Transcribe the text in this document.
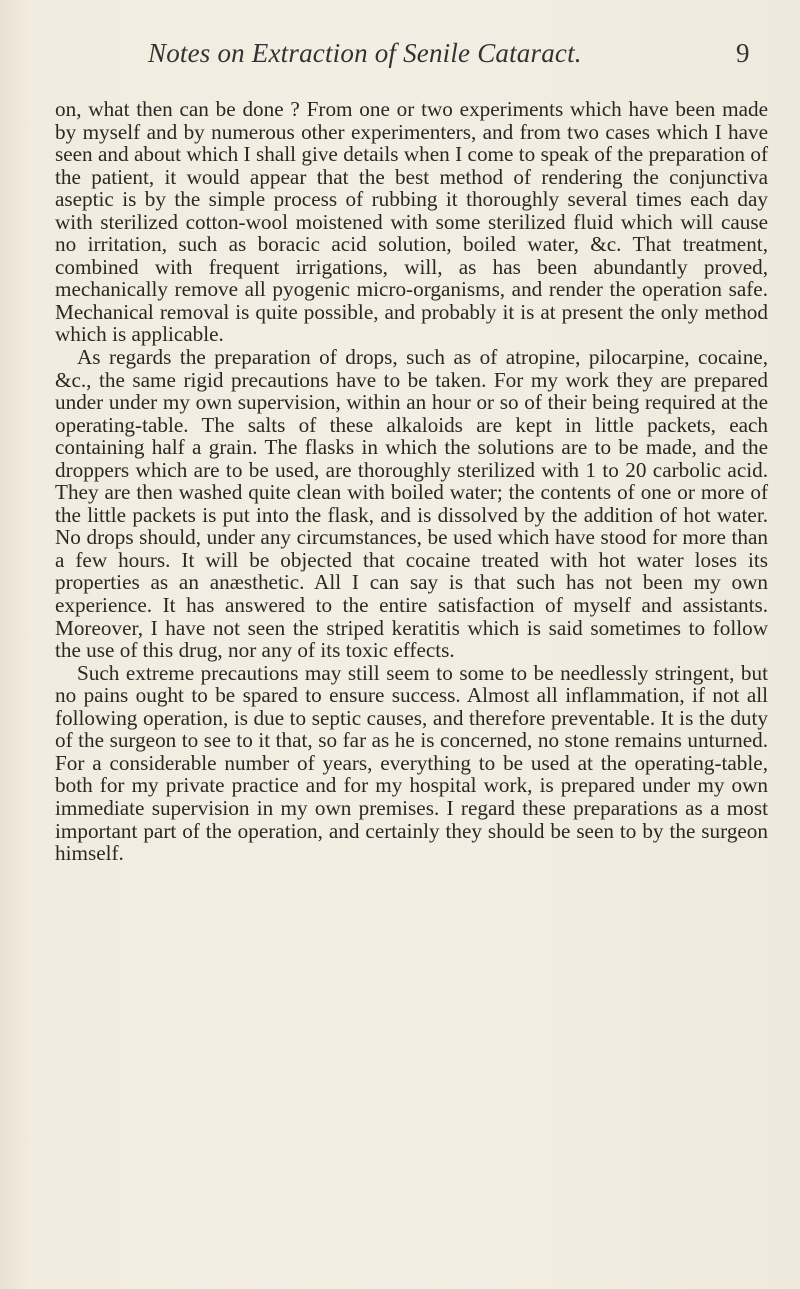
Notes on Extraction of Senile Cataract.	9

on, what then can be done ? From one or two experiments which have been made by myself and by numerous other experimenters, and from two cases which I have seen and about which I shall give details when I come to speak of the preparation of the patient, it would appear that the best method of rendering the conjunctiva aseptic is by the simple process of rubbing it thoroughly several times each day with sterilized cotton-wool moistened with some sterilized fluid which will cause no irritation, such as boracic acid solution, boiled water, &c. That treatment, combined with frequent irrigations, will, as has been abundantly proved, mechanically remove all pyogenic micro-organisms, and render the operation safe. Mechanical removal is quite possible, and probably it is at present the only method which is applicable.

As regards the preparation of drops, such as of atropine, pilocarpine, cocaine, &c., the same rigid precautions have to be taken. For my work they are prepared under under my own supervision, within an hour or so of their being required at the operating-table. The salts of these alkaloids are kept in little packets, each containing half a grain. The flasks in which the solutions are to be made, and the droppers which are to be used, are thoroughly sterilized with 1 to 20 carbolic acid. They are then washed quite clean with boiled water; the contents of one or more of the little packets is put into the flask, and is dissolved by the addition of hot water. No drops should, under any circumstances, be used which have stood for more than a few hours. It will be objected that cocaine treated with hot water loses its properties as an anæsthetic. All I can say is that such has not been my own experience. It has answered to the entire satisfaction of myself and assistants. Moreover, I have not seen the striped keratitis which is said sometimes to follow the use of this drug, nor any of its toxic effects.

Such extreme precautions may still seem to some to be needlessly stringent, but no pains ought to be spared to ensure success. Almost all inflammation, if not all following operation, is due to septic causes, and therefore preventable. It is the duty of the surgeon to see to it that, so far as he is concerned, no stone remains unturned. For a considerable number of years, everything to be used at the operating-table, both for my private practice and for my hospital work, is prepared under my own immediate supervision in my own premises. I regard these preparations as a most important part of the operation, and certainly they should be seen to by the surgeon himself.
